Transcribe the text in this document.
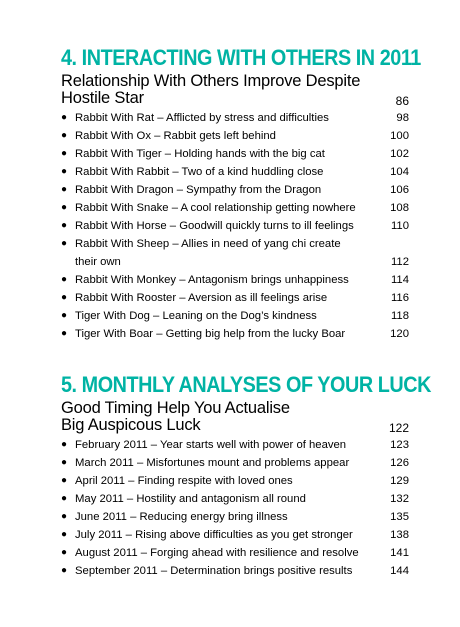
4. INTERACTING WITH OTHERS IN 2011

Relationship With Others Improve Despite
Hostile Star	86
● Rabbit With Rat – Afflicted by stress and difficulties	98
● Rabbit With Ox – Rabbit gets left behind	100
● Rabbit With Tiger – Holding hands with the big cat	102
● Rabbit With Rabbit – Two of a kind huddling close	104
● Rabbit With Dragon – Sympathy from the Dragon	106
● Rabbit With Snake – A cool relationship getting nowhere	108
● Rabbit With Horse – Goodwill quickly turns to ill feelings	110
● Rabbit With Sheep – Allies in need of yang chi create
their own	112
● Rabbit With Monkey – Antagonism brings unhappiness	114
● Rabbit With Rooster – Aversion as ill feelings arise	116
● Tiger With Dog – Leaning on the Dog’s kindness	118
● Tiger With Boar – Getting big help from the lucky Boar	120
5. MONTHLY ANALYSES OF YOUR LUCK

Good Timing Help You Actualise
Big Auspicous Luck	122
● February 2011 – Year starts well with power of heaven	123
● March 2011 – Misfortunes mount and problems appear	126
● April 2011 – Finding respite with loved ones	129
● May 2011 – Hostility and antagonism all round	132
● June 2011 – Reducing energy bring illness	135
● July 2011 – Rising above difficulties as you get stronger	138
● August 2011 – Forging ahead with resilience and resolve	141
● September 2011 – Determination brings positive results	144
